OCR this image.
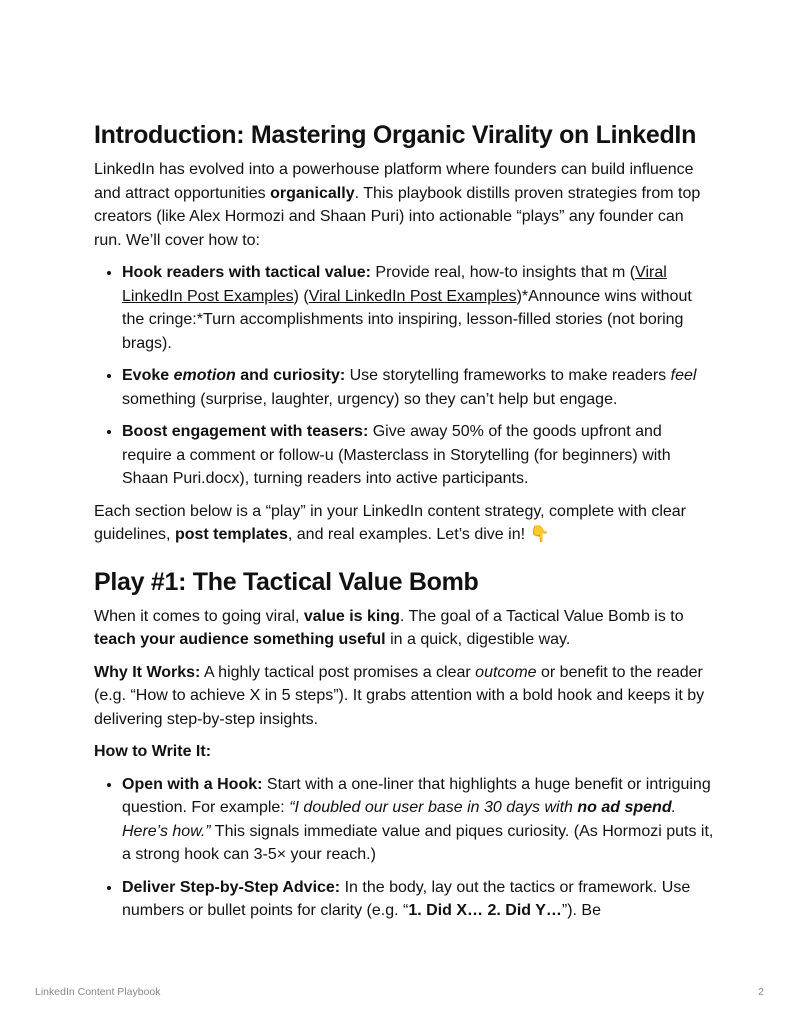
Introduction: Mastering Organic Virality on LinkedIn

LinkedIn has evolved into a powerhouse platform where founders can build influence and attract opportunities organically. This playbook distills proven strategies from top creators (like Alex Hormozi and Shaan Puri) into actionable “plays” any founder can run. We’ll cover how to:

• Hook readers with tactical value: Provide real, how-to insights that m (Viral LinkedIn Post Examples) (Viral LinkedIn Post Examples)*Announce wins without the cringe:*Turn accomplishments into inspiring, lesson-filled stories (not boring brags).
• Evoke emotion and curiosity: Use storytelling frameworks to make readers feel something (surprise, laughter, urgency) so they can’t help but engage.
• Boost engagement with teasers: Give away 50% of the goods upfront and require a comment or follow-u (Masterclass in Storytelling (for beginners) with Shaan Puri.docx), turning readers into active participants.

Each section below is a “play” in your LinkedIn content strategy, complete with clear guidelines, post templates, and real examples. Let’s dive in! 👇

Play #1: The Tactical Value Bomb

When it comes to going viral, value is king. The goal of a Tactical Value Bomb is to teach your audience something useful in a quick, digestible way.

Why It Works: A highly tactical post promises a clear outcome or benefit to the reader (e.g. “How to achieve X in 5 steps”). It grabs attention with a bold hook and keeps it by delivering step-by-step insights.

How to Write It:

• Open with a Hook: Start with a one-liner that highlights a huge benefit or intriguing question. For example: “I doubled our user base in 30 days with no ad spend. Here’s how.” This signals immediate value and piques curiosity. (As Hormozi puts it, a strong hook can 3-5× your reach.)
• Deliver Step-by-Step Advice: In the body, lay out the tactics or framework. Use numbers or bullet points for clarity (e.g. “1. Did X… 2. Did Y…”). Be
LinkedIn Content Playbook	2
